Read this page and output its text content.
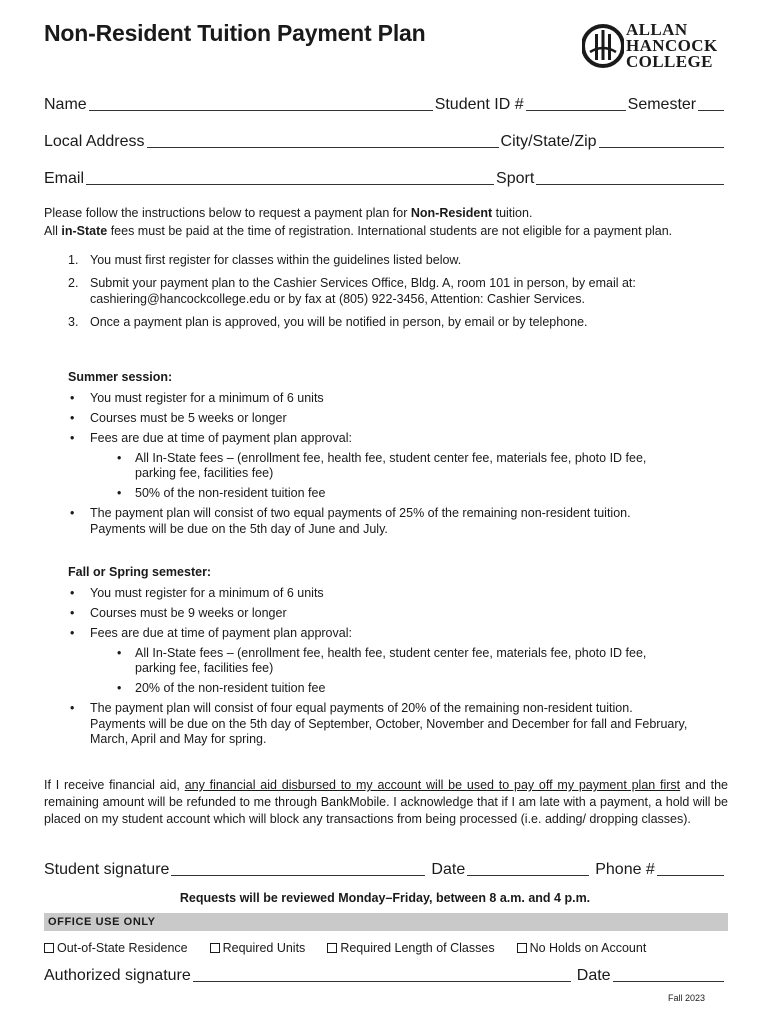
Non-Resident Tuition Payment Plan	ALLAN
HANCOCK
COLLEGE
Name	Student ID #	Semester
Local Address	City/State/Zip
Email	Sport

Please follow the instructions below to request a payment plan for Non-Resident tuition.

All in-State fees must be paid at the time of registration. International students are not eligible for a payment plan.

1. You must first register for classes within the guidelines listed below.
2. Submit your payment plan to the Cashier Services Office, Bldg. A, room 101 in person, by email at: cashiering@hancockcollege.edu or by fax at (805) 922-3456, Attention: Cashier Services.
3. Once a payment plan is approved, you will be notified in person, by email or by telephone.

Summer session:

• You must register for a minimum of 6 units
• Courses must be 5 weeks or longer
• Fees are due at time of payment plan approval:
• All In-State fees – (enrollment fee, health fee, student center fee, materials fee, photo ID fee, parking fee, facilities fee)
• 50% of the non-resident tuition fee
• The payment plan will consist of two equal payments of 25% of the remaining non-resident tuition. Payments will be due on the 5th day of June and July.

Fall or Spring semester:

• You must register for a minimum of 6 units
• Courses must be 9 weeks or longer
• Fees are due at time of payment plan approval:
• All In-State fees – (enrollment fee, health fee, student center fee, materials fee, photo ID fee, parking fee, facilities fee)
• 20% of the non-resident tuition fee
• The payment plan will consist of four equal payments of 20% of the remaining non-resident tuition. Payments will be due on the 5th day of September, October, November and December for fall and February, March, April and May for spring.

If I receive financial aid, any financial aid disbursed to my account will be used to pay off my payment plan first and the remaining amount will be refunded to me through BankMobile. I acknowledge that if I am late with a payment, a hold will be placed on my student account which will block any transactions from being processed (i.e. adding/ dropping classes).

Student signature	Date	Phone #

Requests will be reviewed Monday–Friday, between 8 a.m. and 4 p.m.

OFFICE USE ONLY
Out-of-State Residence	Required Units	Required Length of Classes	No Holds on Account
Authorized signature	Date
Fall 2023
